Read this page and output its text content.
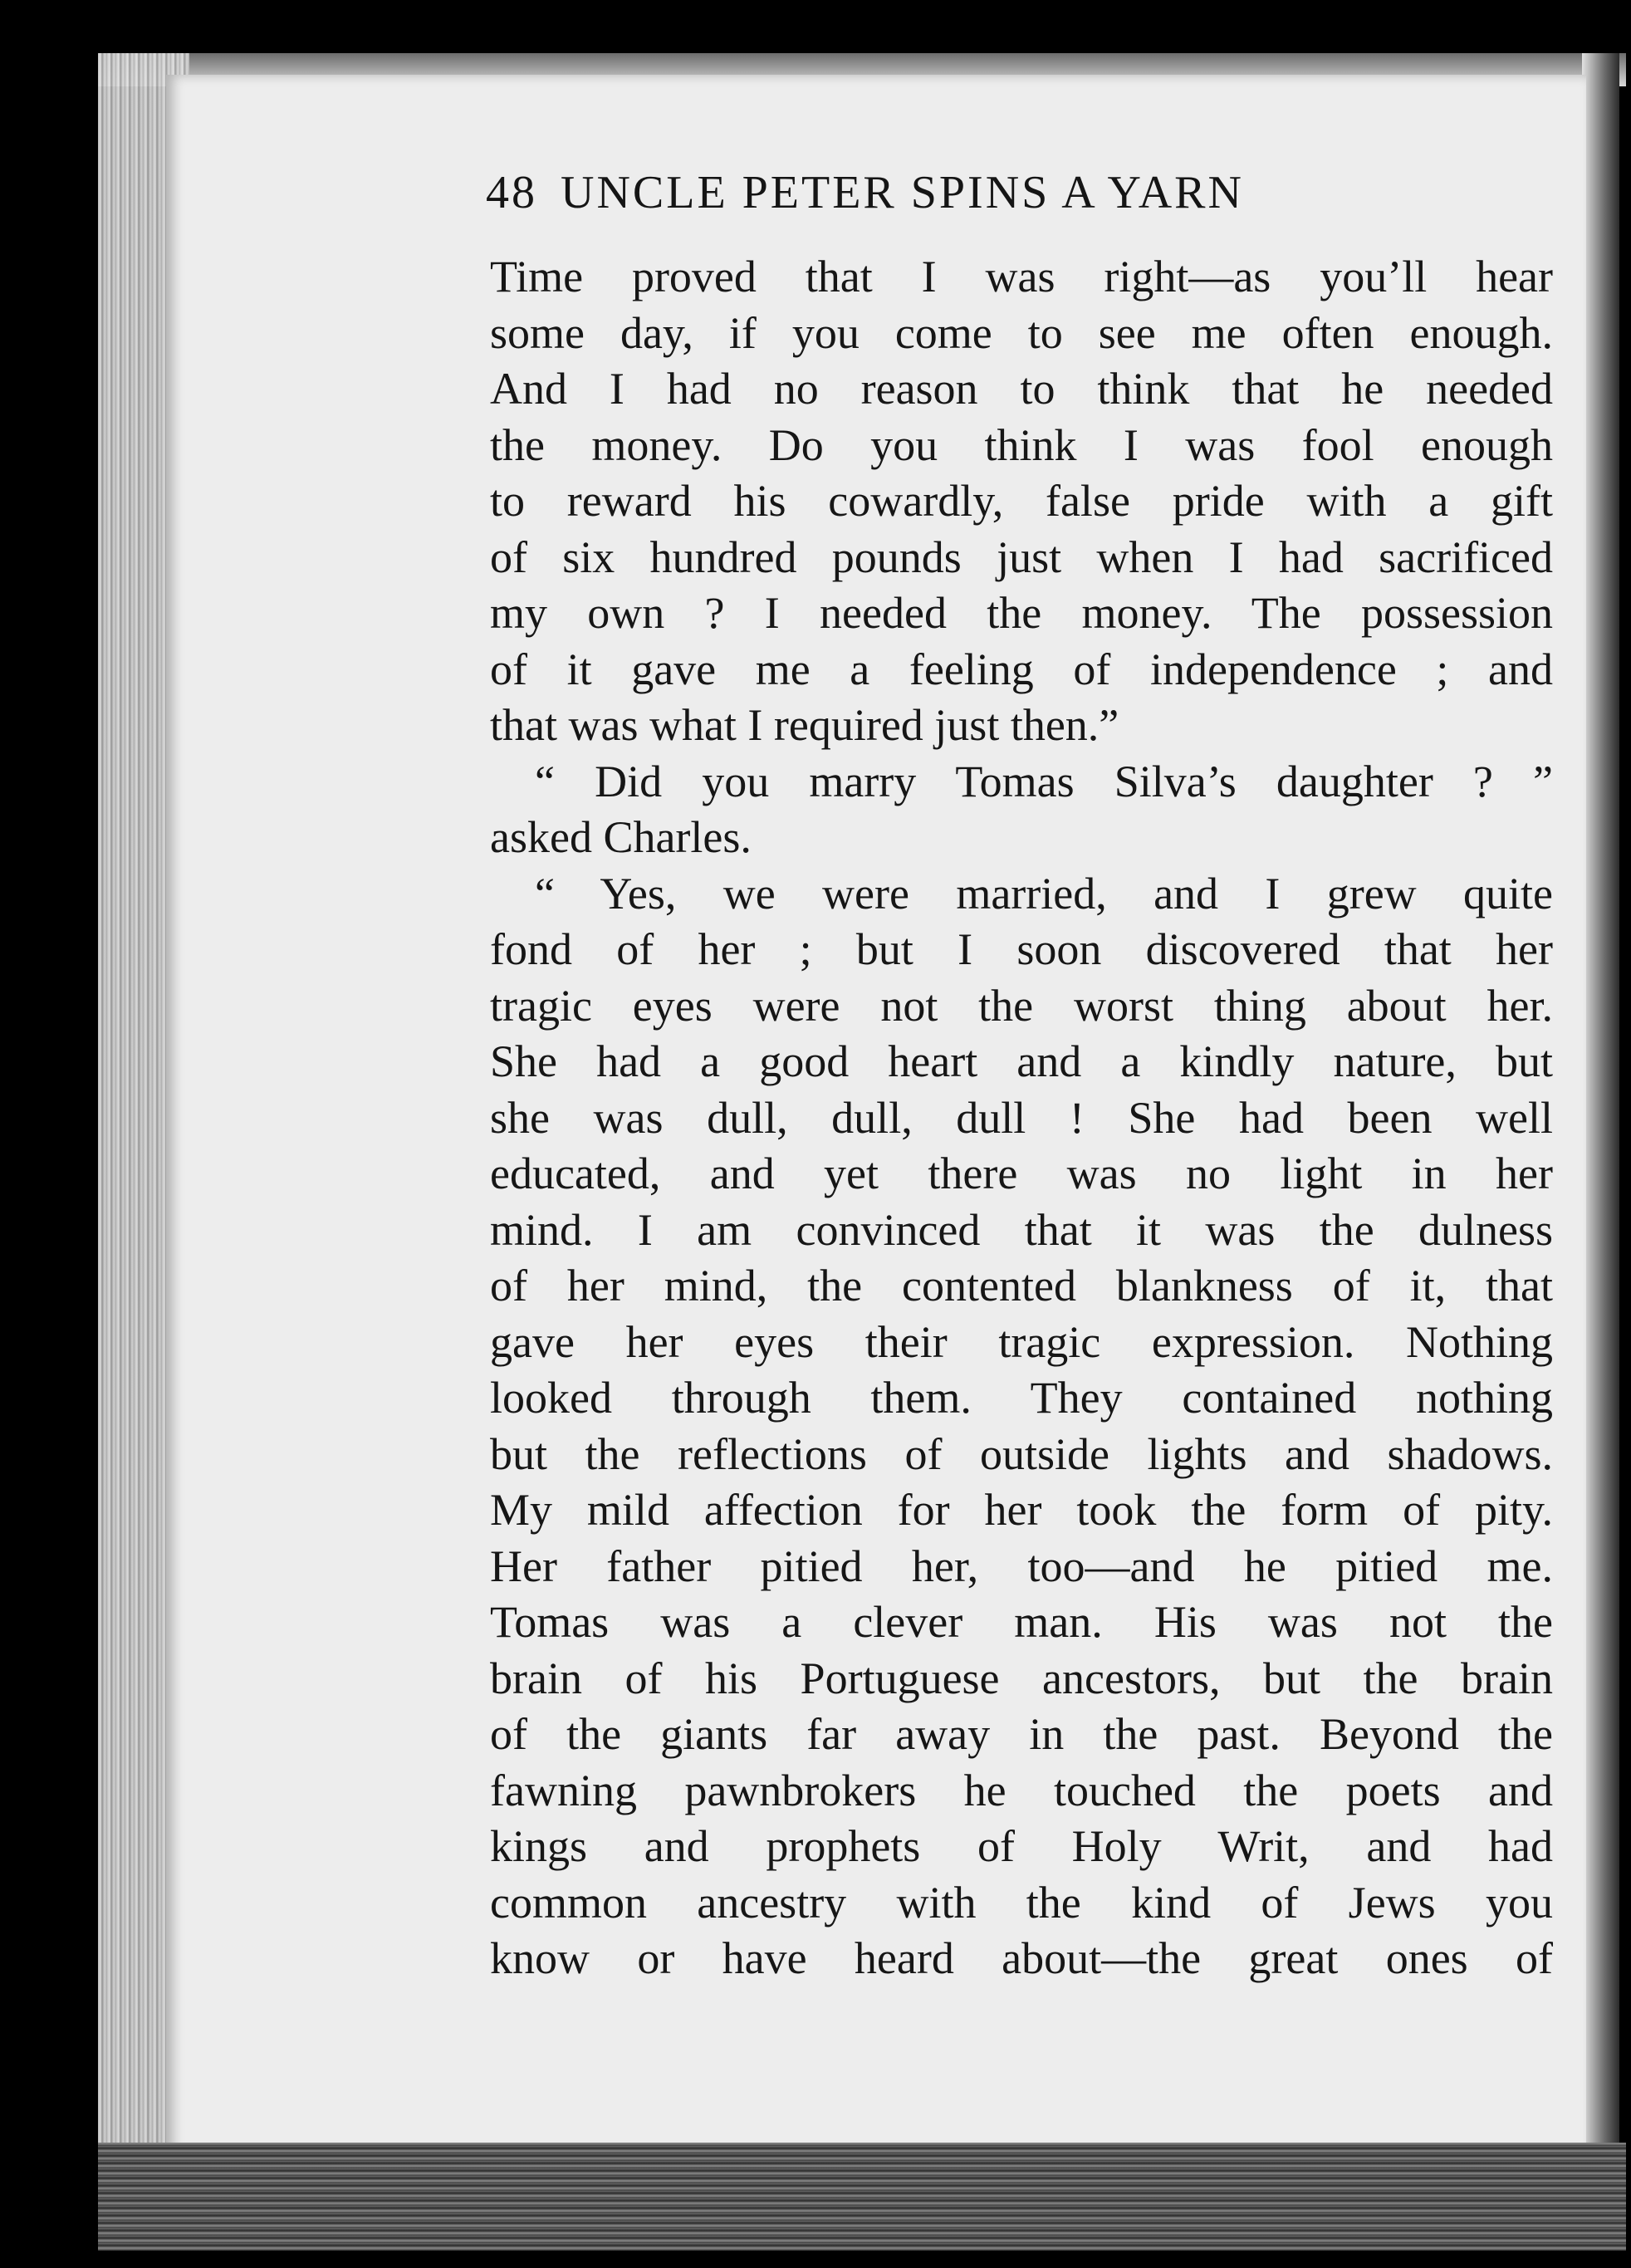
48 UNCLE PETER SPINS A YARN
Time proved that I was right—as you’ll hear
some day, if you come to see me often enough.
And I had no reason to think that he needed
the money. Do you think I was fool enough
to reward his cowardly, false pride with a gift
of six hundred pounds just when I had sacrificed
my own ? I needed the money. The possession
of it gave me a feeling of independence ; and
that was what I required just then.”
“ Did you marry Tomas Silva’s daughter ? ”
asked Charles.
“ Yes, we were married, and I grew quite
fond of her ; but I soon discovered that her
tragic eyes were not the worst thing about her.
She had a good heart and a kindly nature, but
she was dull, dull, dull ! She had been well
educated, and yet there was no light in her
mind. I am convinced that it was the dulness
of her mind, the contented blankness of it, that
gave her eyes their tragic expression. Nothing
looked through them. They contained nothing
but the reflections of outside lights and shadows.
My mild affection for her took the form of pity.
Her father pitied her, too—and he pitied me.
Tomas was a clever man. His was not the
brain of his Portuguese ancestors, but the brain
of the giants far away in the past. Beyond the
fawning pawnbrokers he touched the poets and
kings and prophets of Holy Writ, and had
common ancestry with the kind of Jews you
know or have heard about—the great ones of
